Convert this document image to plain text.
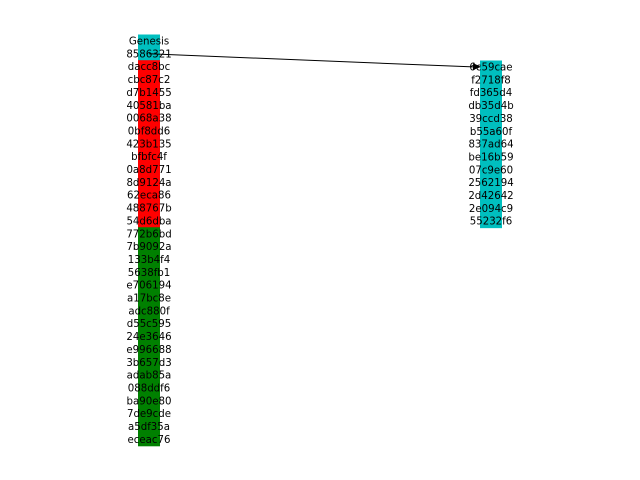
Genesis
8586321
dacc8bc
cbc87c2
d7b1455
40581ba
0068a38
0bf8dd6
423b135
bfbfc4f
0a8d771
8d9124a
62eca86
488767b
54d6dba
772b6bd
7b9092a
133b4f4
5638fb1
e706194
a17bc8e
adc880f
d55c595
24e3646
e996688
3b657d3
adab85a
088ddf6
ba90e80
7de9cde
a5df35a
eceac76
6c59cae
f2718f8
fd365d4
db35d4b
39ccd38
b55a60f
837ad64
be16b59
07c9e60
2562194
2d42642
2e094c9
55232f6
